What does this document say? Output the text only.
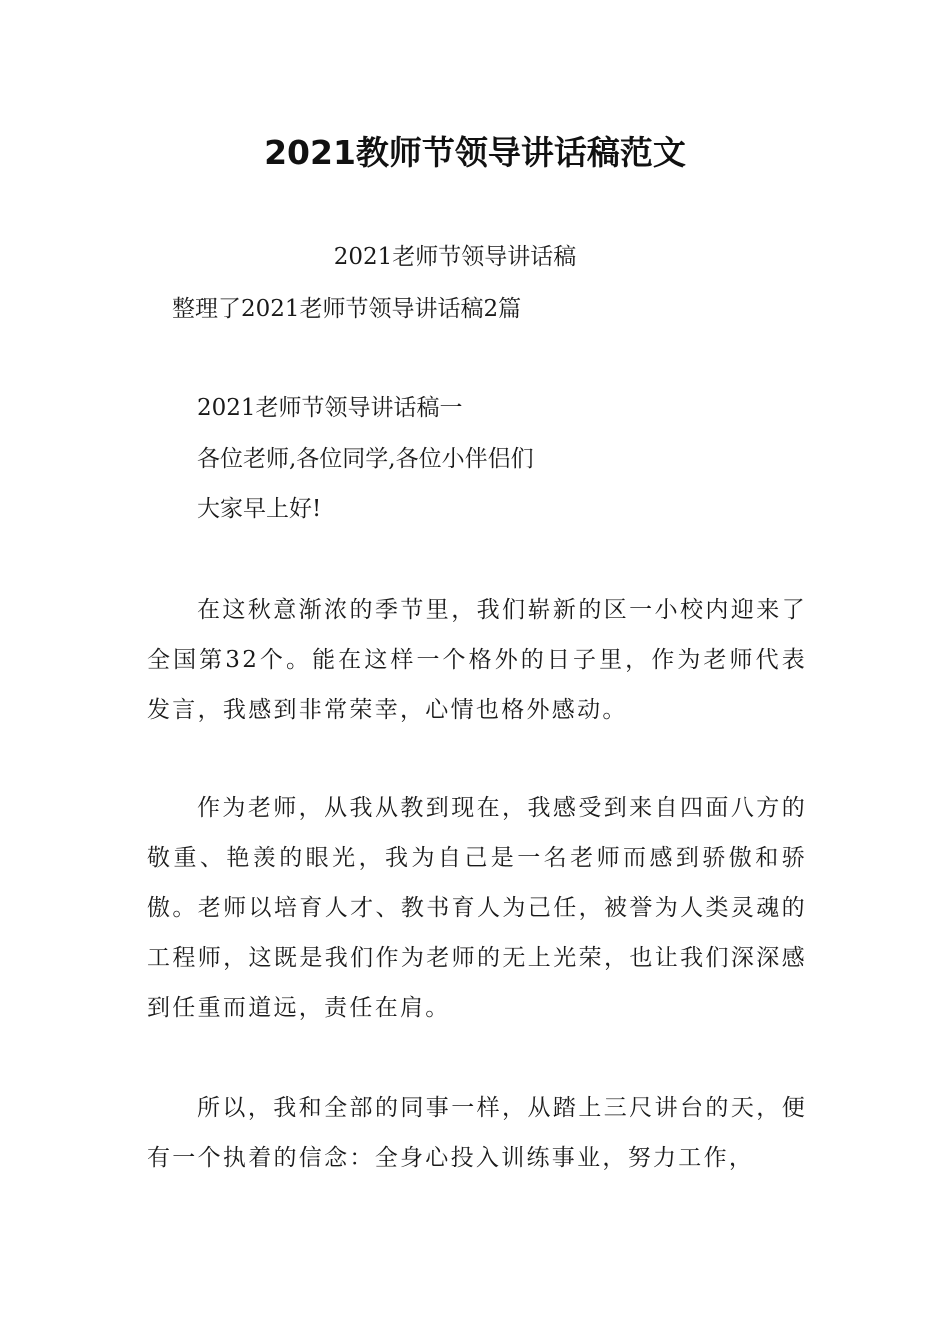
2021教师节领导讲话稿范文

2021老师节领导讲话稿

整理了2021老师节领导讲话稿2篇

2021老师节领导讲话稿一

各位老师,各位同学,各位小伴侣们

大家早上好!

在这秋意渐浓的季节里，我们崭新的区一小校内迎来了全国第32个。能在这样一个格外的日子里，作为老师代表发言，我感到非常荣幸，心情也格外感动。

作为老师，从我从教到现在，我感受到来自四面八方的敬重、艳羡的眼光，我为自己是一名老师而感到骄傲和骄傲。老师以培育人才、教书育人为己任，被誉为人类灵魂的工程师，这既是我们作为老师的无上光荣，也让我们深深感到任重而道远，责任在肩。

所以，我和全部的同事一样，从踏上三尺讲台的天，便有一个执着的信念：全身心投入训练事业，努力工作，
